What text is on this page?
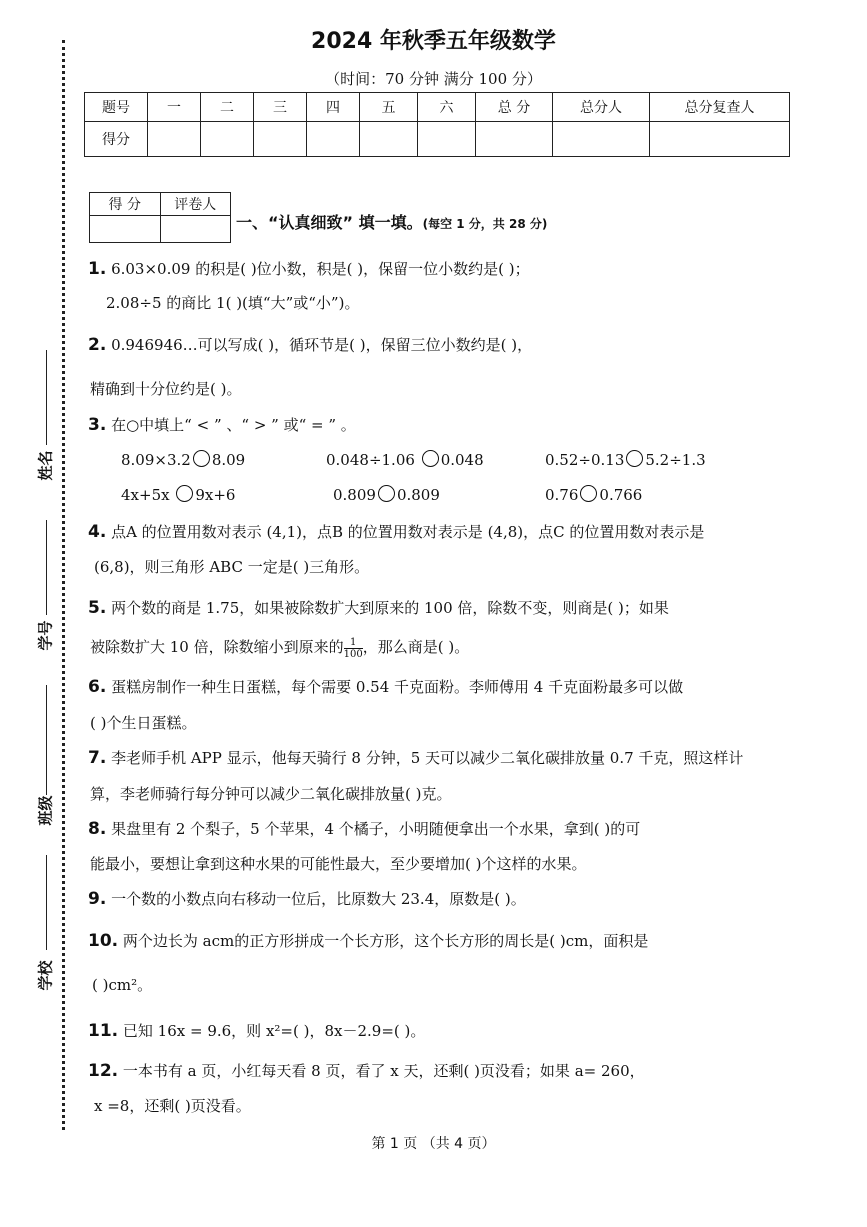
姓名
学号
班级
学校
2024 年秋季五年级数学
（时间：70 分钟 满分 100 分）
题号	一	二	三	四	五	六	总 分	总分人	总分复查人
得分									
得 分	评卷人

一、“认真细致” 填一填。(每空 1 分，共 28 分)
1. 6.03×0.09 的积是( )位小数，积是( )，保留一位小数约是( )；
2.08÷5 的商比 1( )(填“大”或“小”)。
2. 0.946946…可以写成( )，循环节是( )，保留三位小数约是( )，
精确到十分位约是( )。
3. 在○中填上“ < ” 、“ > ” 或“ = ” 。
8.09×3.2 8.09	0.048÷1.06 0.048	0.52÷0.13 5.2÷1.3
4x+5x 9x+6	0.809 0.809	0.76 0.766
4. 点A 的位置用数对表示 (4,1)，点B 的位置用数对表示是 (4,8)，点C 的位置用数对表示是
(6,8)，则三角形 ABC 一定是( )三角形。
5. 两个数的商是 1.75，如果被除数扩大到原来的 100 倍，除数不变，则商是( )；如果
被除数扩大 10 倍，除数缩小到原来的 $\frac{1}{100}$，那么商是( )。
6. 蛋糕房制作一种生日蛋糕，每个需要 0.54 千克面粉。李师傅用 4 千克面粉最多可以做
( )个生日蛋糕。
7. 李老师手机 APP 显示，他每天骑行 8 分钟，5 天可以减少二氧化碳排放量 0.7 千克，照这样计
算，李老师骑行每分钟可以减少二氧化碳排放量( )克。
8. 果盘里有 2 个梨子，5 个苹果，4 个橘子，小明随便拿出一个水果，拿到( )的可
能最小，要想让拿到这种水果的可能性最大，至少要增加( )个这样的水果。
9. 一个数的小数点向右移动一位后，比原数大 23.4，原数是( )。
10. 两个边长为 acm的正方形拼成一个长方形，这个长方形的周长是( )cm，面积是
( )cm²。
11. 已知 16x = 9.6，则 x²=( )，8x－2.9=( )。
12. 一本书有 a 页，小红每天看 8 页，看了 x 天，还剩( )页没看；如果 a= 260，
x =8，还剩( )页没看。
第 1 页 （共 4 页）
